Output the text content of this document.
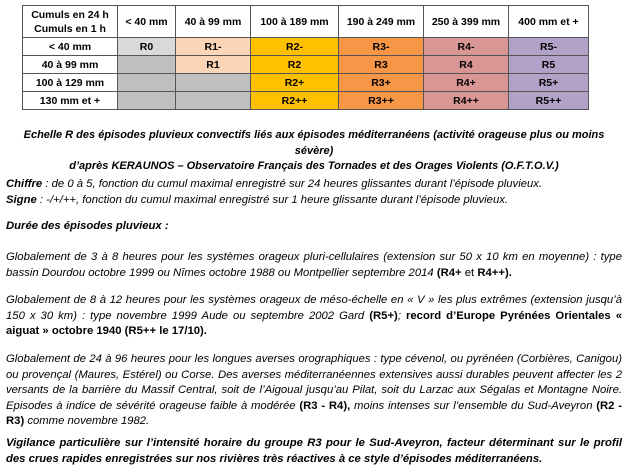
Cumuls en 24 h
Cumuls en 1 h	< 40 mm	40 à 99 mm	100 à 189 mm	190 à 249 mm	250 à 399 mm	400 mm et +
< 40 mm	R0	R1-	R2-	R3-	R4-	R5-
40 à 99 mm		R1	R2	R3	R4	R5
100 à 129 mm			R2+	R3+	R4+	R5+
130 mm et +			R2++	R3++	R4++	R5++
Echelle R des épisodes pluvieux convectifs liés aux épisodes méditerranéens (activité orageuse plus ou moins sévère)
d’après KERAUNOS – Observatoire Français des Tornades et des Orages Violents (O.F.T.O.V.)
Chiffre : de 0 à 5, fonction du cumul maximal enregistré sur 24 heures glissantes durant l’épisode pluvieux.
Signe : -/+/++, fonction du cumul maximal enregistré sur 1 heure glissante durant l’épisode pluvieux.
Durée des épisodes pluvieux :
Globalement de 3 à 8 heures pour les systèmes orageux pluri-cellulaires (extension sur 50 x 10 km en moyenne) : type bassin Dourdou octobre 1999 ou Nîmes octobre 1988 ou Montpellier septembre 2014 (R4+ et R4++).
Globalement de 8 à 12 heures pour les systèmes orageux de méso-échelle en « V » les plus extrêmes (extension jusqu’à 150 x 30 km) : type novembre 1999 Aude ou septembre 2002 Gard (R5+); record d’Europe Pyrénées Orientales « aiguat » octobre 1940 (R5++ le 17/10).
Globalement de 24 à 96 heures pour les longues averses orographiques : type cévenol, ou pyrénéen (Corbières, Canigou) ou provençal (Maures, Estérel) ou Corse. Des averses méditerranéennes extensives aussi durables peuvent affecter les 2 versants de la barrière du Massif Central, soit de l’Aigoual jusqu’au Pilat, soit du Larzac aux Ségalas et Montagne Noire. Episodes à indice de sévérité orageuse faible à modérée (R3 - R4), moins intenses sur l’ensemble du Sud-Aveyron (R2 - R3) comme novembre 1982.
Vigilance particulière sur l’intensité horaire du groupe R3 pour le Sud-Aveyron, facteur déterminant sur le profil des crues rapides enregistrées sur nos rivières très réactives à ce style d’épisodes méditerranéens.
